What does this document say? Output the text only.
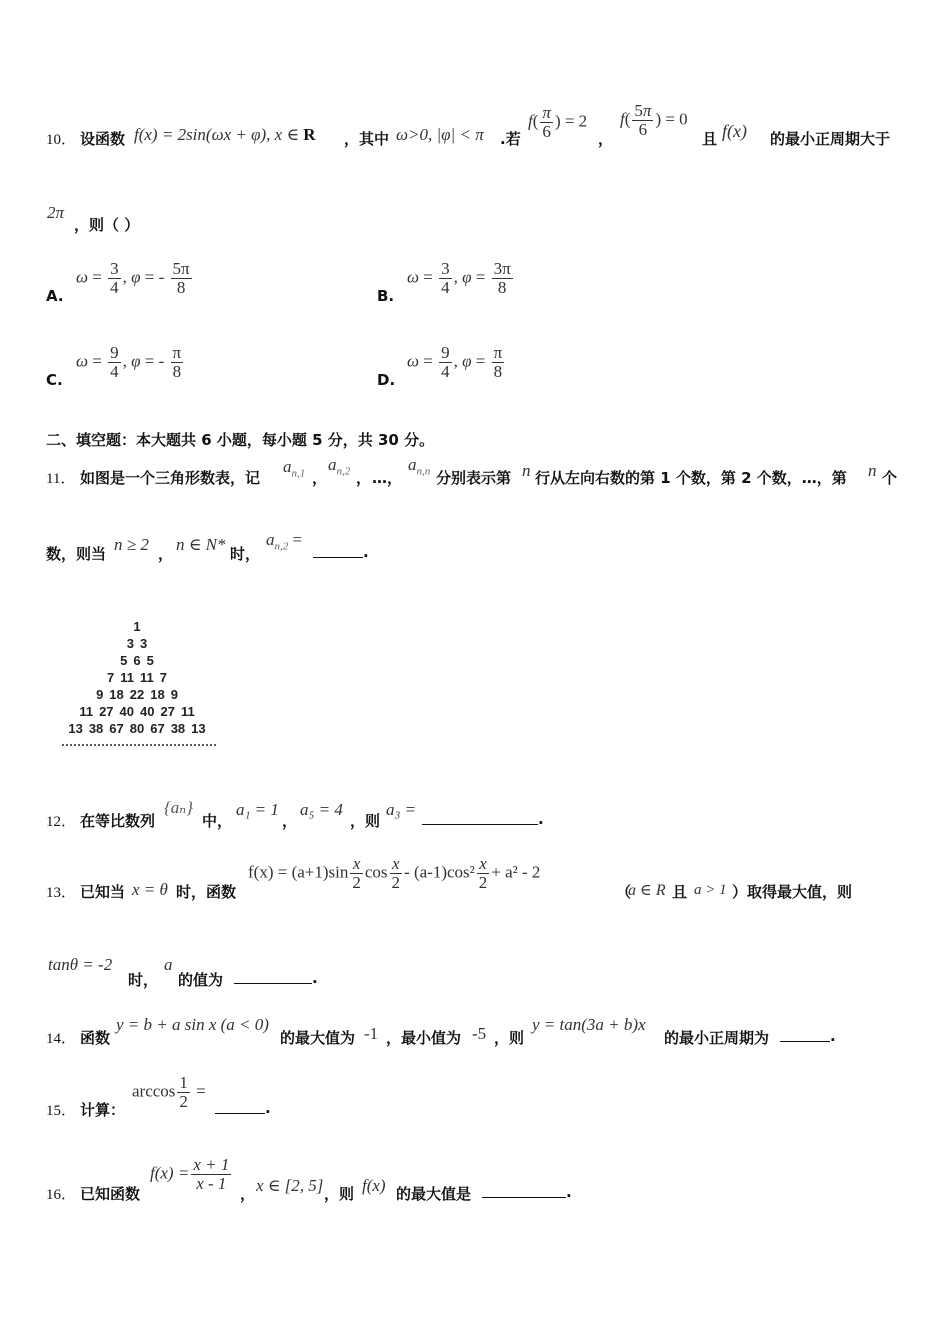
10． 设函数 f(x) = 2sin(ωx + φ), x ∈ R ，其中 ω>0, |φ| < π .若
$f( \frac{\pi}{6}$ ) = 2
，
$f( \frac{5\pi}{6}$ ) = 0
且 f(x) 的最小正周期大于
2π
，则（ ）
A.
$\omega = \frac{3}{4}$ , φ = - $\frac{5\pi}{8}$	B.
$\omega = \frac{3}{4}$ , $\varphi = \frac{3\pi}{8}$
C.
$\omega = \frac{9}{4}$ , φ = - $\frac{\pi}{8}$	D.
$\omega = \frac{9}{4}$ , $\varphi = \frac{\pi}{8}$
二、填空题：本大题共 6 小题，每小题 5 分，共 30 分。
11． 如图是一个三角形数表，记
$a_{n,1}$ ，
$a_{n,2}$ ， …，
$a_{n,n}$ 分别表示第 n 行从左向右数的第 1 个数，第 2 个数，…，第 n 个
数，则当 n ≥ 2 ， n ∈ N* 时，
$a_{n,2}$ =
.
1
3 3
5 6 5
7 11 11 7
9 18 22 18 9
11 27 40 40 27 11
13 38 67 80 67 38 13
12． 在等比数列
{aₙ}
中，
a₁ = 1
，
a₅ = 4
，则
a₃ =	.
13． 已知当 x = θ 时，函数
$f(x) = (a+1)\sin \frac{x}{2}$ $\cos \frac{x}{2} - (a-1)\cos^2 \frac{x}{2} + a^2 - 2$
（
a ∈ R 且 a > 1 ）取得最大值，则
tanθ = -2
时，
a
的值为	.
14． 函数
y = b + a sin x (a < 0)
的最大值为 -1 ，最小值为 -5 ，则
y = tan(3a + b)x
的最小正周期为	.
15． 计算：
$\arccos \frac{1}{2}$ =
.
16． 已知函数
$f(x) = \frac{x + 1}{x - 1}$
， x ∈ [2, 5] ，则 f(x) 的最大值是	.
